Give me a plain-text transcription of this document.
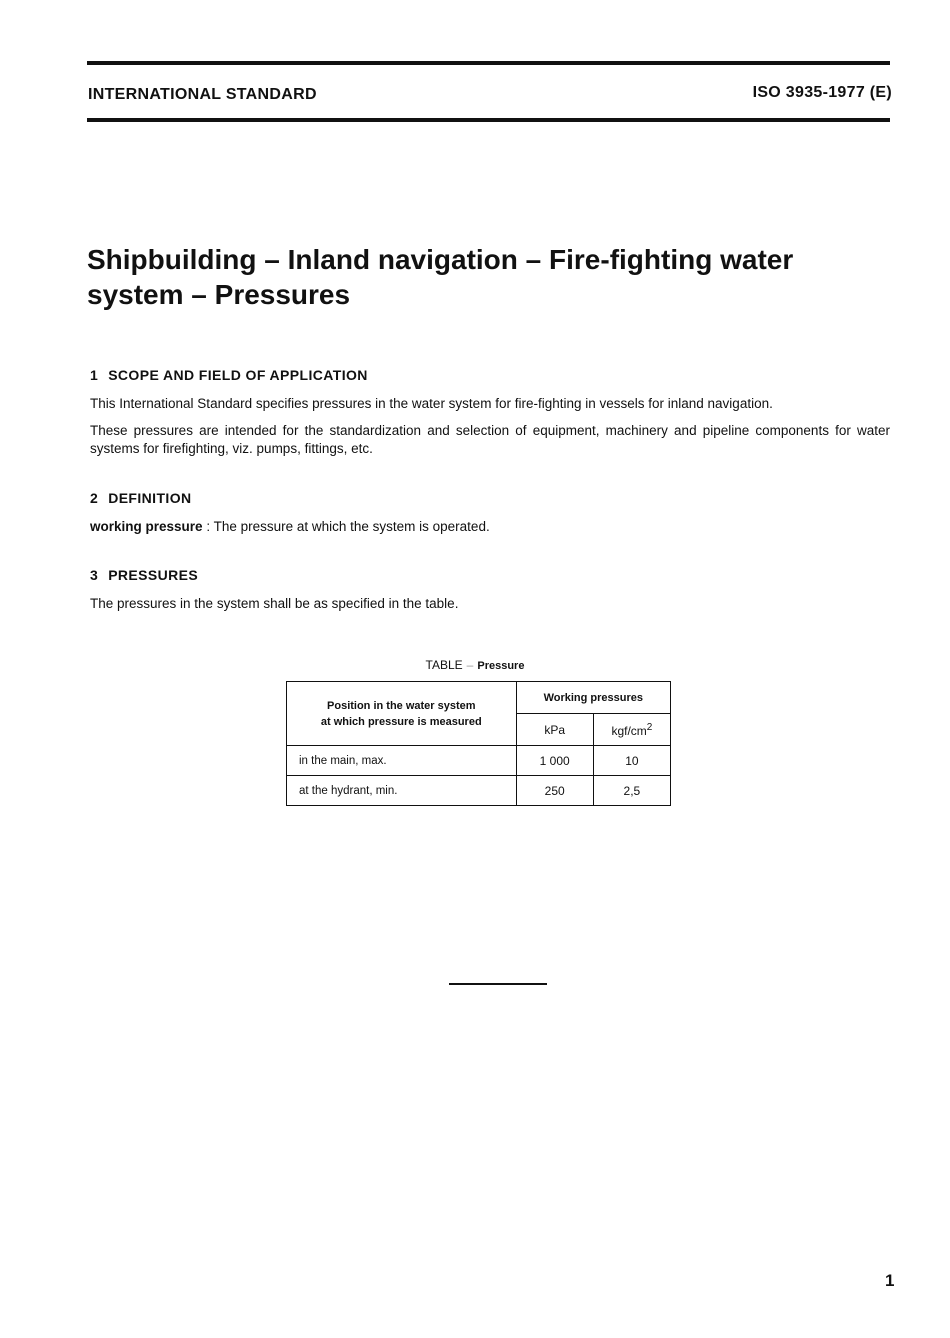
INTERNATIONAL STANDARD	ISO 3935-1977 (E)
Shipbuilding – Inland navigation – Fire-fighting water
system – Pressures
1 SCOPE AND FIELD OF APPLICATION

This International Standard specifies pressures in the water system for fire-fighting in vessels for inland navigation.

These pressures are intended for the standardization and selection of equipment, machinery and pipeline components for water systems for firefighting, viz. pumps, fittings, etc.

2 DEFINITION

working pressure : The pressure at which the system is operated.

3 PRESSURES

The pressures in the system shall be as specified in the table.

TABLE – Pressure
Position in the water system
at which pressure is measured	Working pressures	
	kPa	kgf/$cm^2$
in the main, max.	1 000	10
at the hydrant, min.	250	2,5
1
